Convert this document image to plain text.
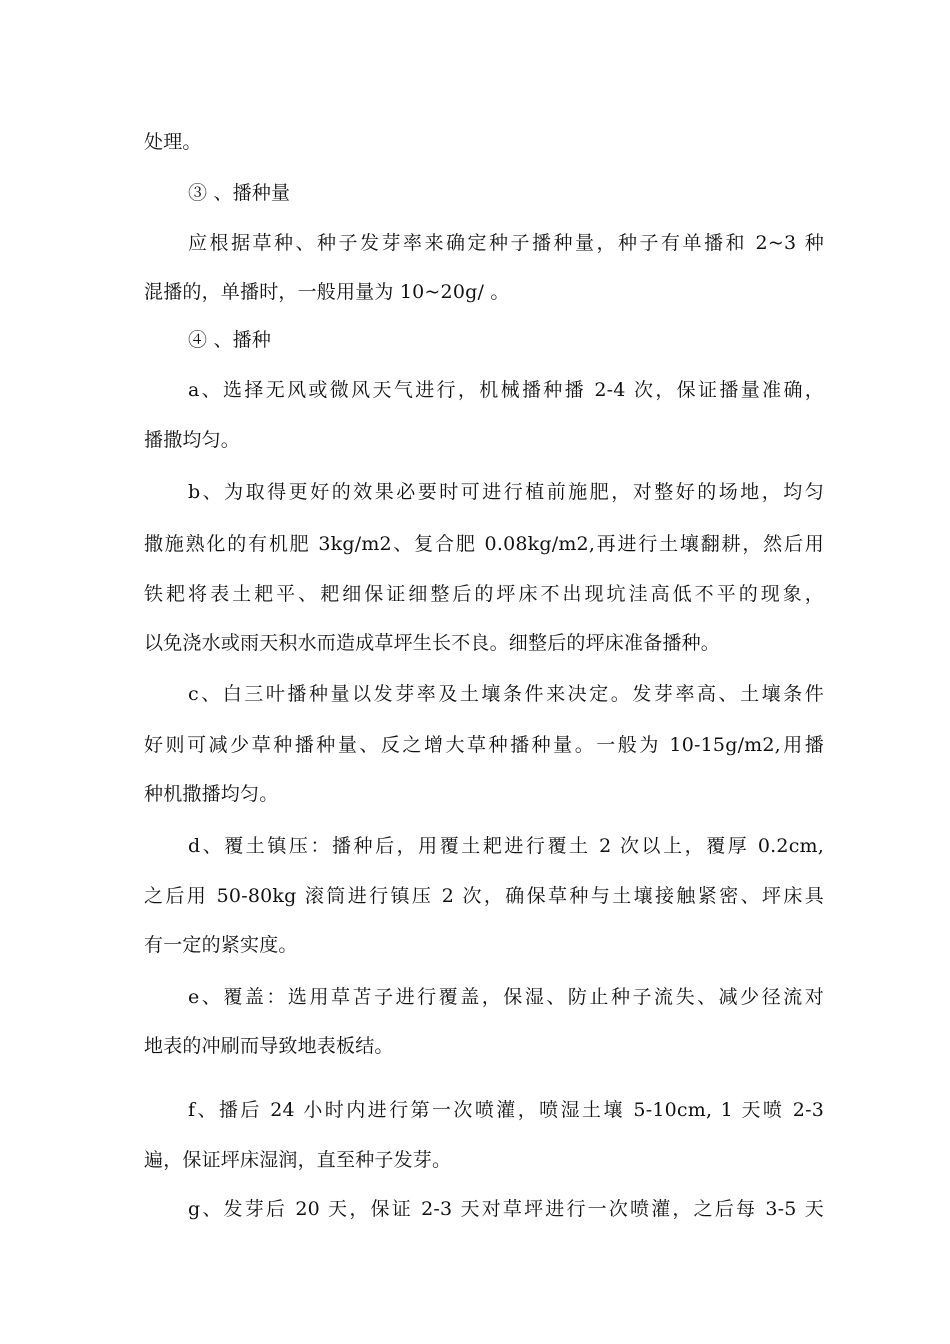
处理。
③ 、播种量
应根据草种、种子发芽率来确定种子播种量，种子有单播和 2~3 种
混播的，单播时，一般用量为 10~20g/ 。
④ 、播种
a、选择无风或微风天气进行，机械播种播 2-4 次，保证播量准确，
播撒均匀。
b、为取得更好的效果必要时可进行植前施肥，对整好的场地，均匀
撒施熟化的有机肥 3kg/m2、复合肥 0.08kg/m2,再进行土壤翻耕，然后用
铁耙将表土耙平、耙细保证细整后的坪床不出现坑洼高低不平的现象，
以免浇水或雨天积水而造成草坪生长不良。细整后的坪床准备播种。
c、白三叶播种量以发芽率及土壤条件来决定。发芽率高、土壤条件
好则可减少草种播种量、反之增大草种播种量。一般为 10-15g/m2,用播
种机撒播均匀。
d、覆土镇压：播种后，用覆土耙进行覆土 2 次以上，覆厚 0.2cm,
之后用 50-80kg 滚筒进行镇压 2 次，确保草种与土壤接触紧密、坪床具
有一定的紧实度。
e、覆盖：选用草苫子进行覆盖，保湿、防止种子流失、减少径流对
地表的冲刷而导致地表板结。
f、播后 24 小时内进行第一次喷灌，喷湿土壤 5-10cm, 1 天喷 2-3
遍，保证坪床湿润，直至种子发芽。
g、发芽后 20 天，保证 2-3 天对草坪进行一次喷灌，之后每 3-5 天
